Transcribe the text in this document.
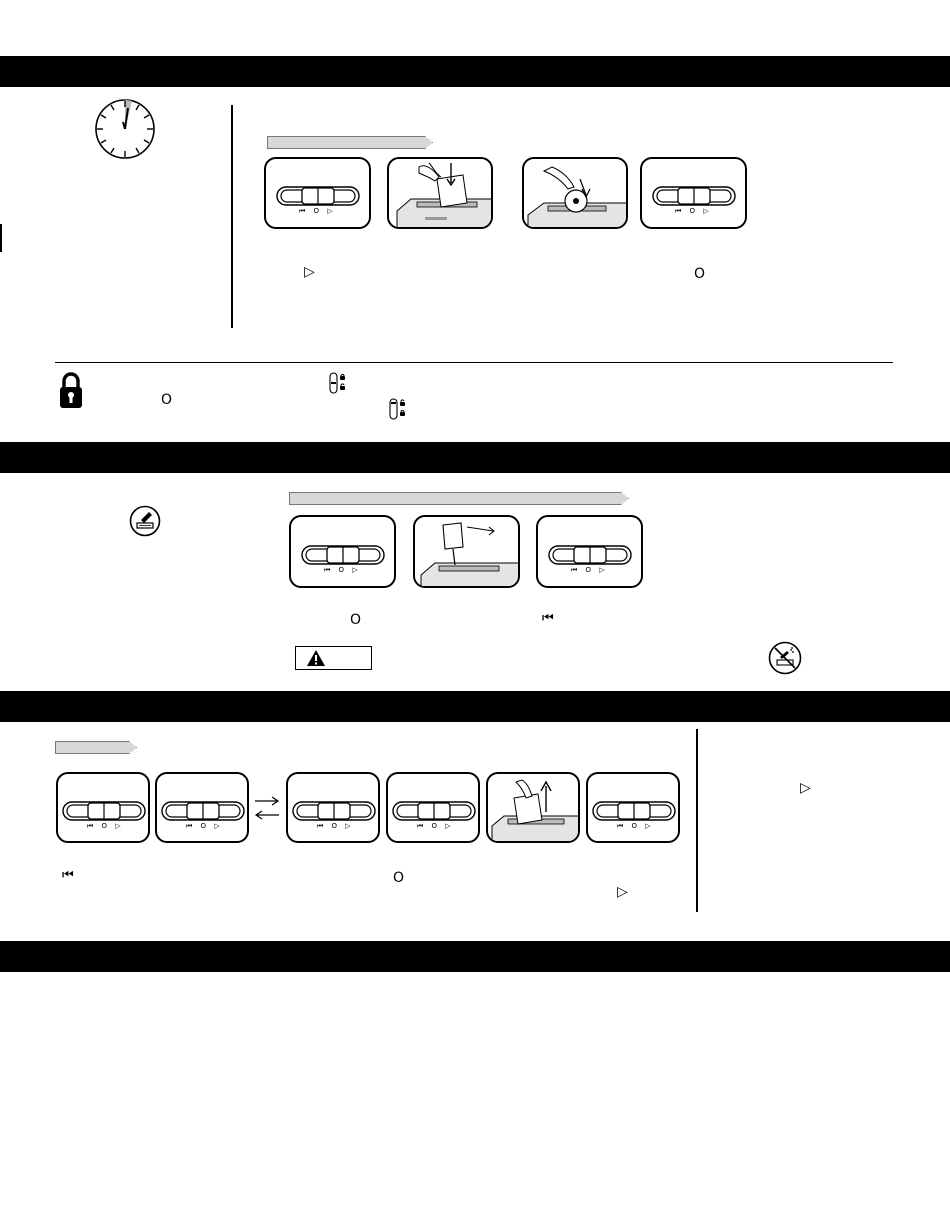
⏮ O ▷	⏮ O ▷
▷	O
O
⏮ O ▷	⏮ O ▷
O	⏮
⏮ O ▷	⏮ O ▷	⏮ O ▷	⏮ O ▷	⏮ O ▷
⏮	O
▷
▷
